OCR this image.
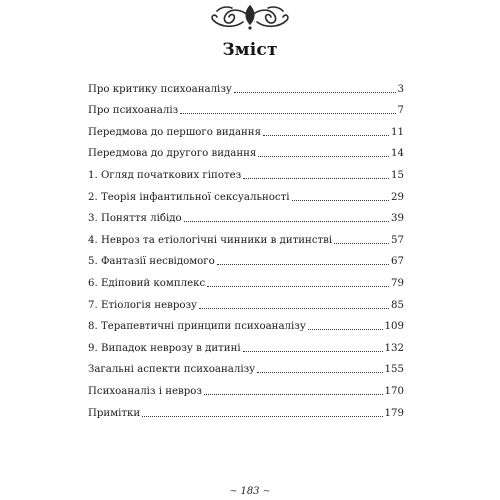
Зміст
Про критику психоаналізу	3
Про психоаналіз	7
Передмова до першого видання	11
Передмова до другого видання	14
1. Огляд початкових гіпотез	15
2. Теорія інфантильної сексуальності	29
3. Поняття лібідо	39
4. Невроз та етіологічні чинники в дитинстві	57
5. Фантазії несвідомого	67
6. Едіповий комплекс	79
7. Етіологія неврозу	85
8. Терапевтичні принципи психоаналізу	109
9. Випадок неврозу в дитині	132
Загальні аспекти психоаналізу	155
Психоаналіз і невроз	170
Примітки	179
~ 183 ~
